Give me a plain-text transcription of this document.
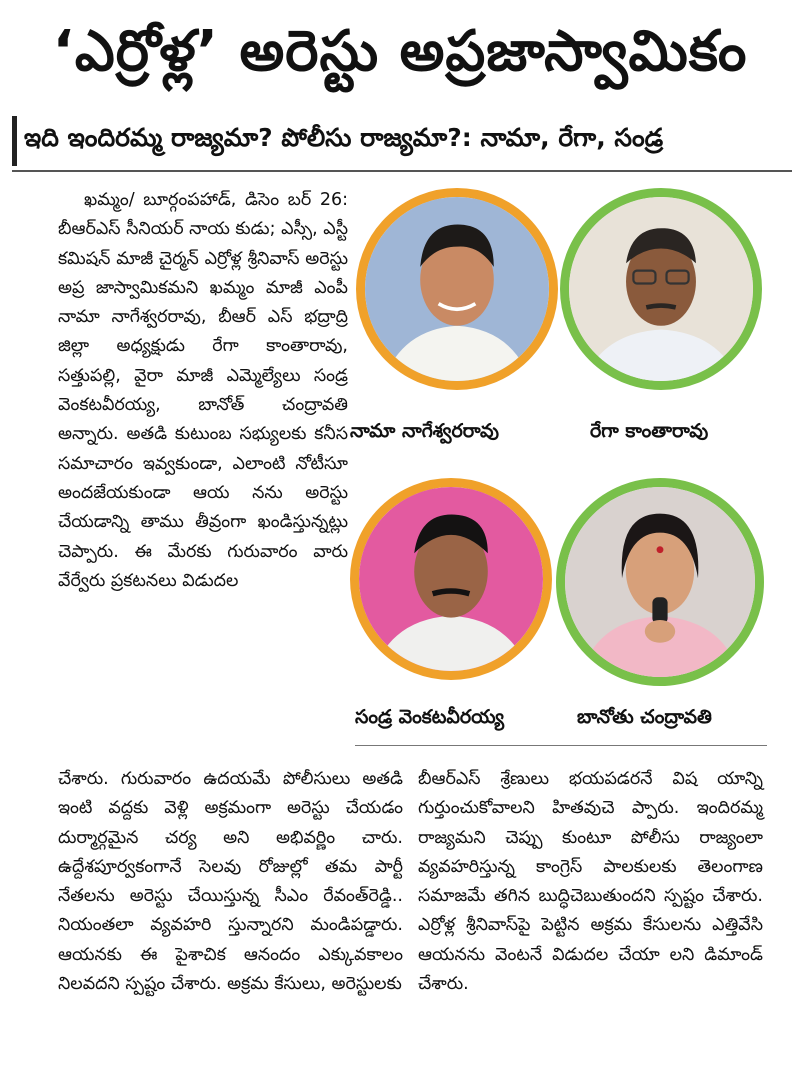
‘ఎర్రోళ్ల’ అరెస్టు అప్రజాస్వామికం
ఇది ఇందిరమ్మ రాజ్యమా? పోలీసు రాజ్యమా?: నామా, రేగా, సండ్ర

ఖమ్మం/ బూర్గంపహాడ్, డిసెం బర్ 26: బీఆర్ఎస్ సీనియర్ నాయ కుడు; ఎస్సీ, ఎస్టీ కమిషన్ మాజీ చైర్మన్ ఎర్రోళ్ల శ్రీనివాస్ అరెస్టు అప్ర జాస్వామికమని ఖమ్మం మాజీ ఎంపీ నామా నాగేశ్వరరావు, బీఆర్ ఎస్ భద్రాద్రి జిల్లా అధ్యక్షుడు రేగా కాంతారావు, సత్తుపల్లి, వైరా మాజీ ఎమ్మెల్యేలు సండ్ర వెంకటవీరయ్య, బానోత్ చంద్రావతి అన్నారు. అతడి కుటుంబ సభ్యులకు కనీస సమాచారం ఇవ్వకుండా, ఎలాంటి నోటీసూ అందజేయకుండా ఆయ నను అరెస్టు చేయడాన్ని తాము తీవ్రంగా ఖండిస్తున్నట్లు చెప్పారు. ఈ మేరకు గురువారం వారు వేర్వేరు ప్రకటనలు విడుదల

నామా నాగేశ్వరరావు	రేగా కాంతారావు
సండ్ర వెంకటవీరయ్య	బానోతు చంద్రావతి

చేశారు. గురువారం ఉదయమే పోలీసులు అతడి ఇంటి వద్దకు వెళ్లి అక్రమంగా అరెస్టు చేయడం దుర్మార్గమైన చర్య అని అభివర్ణిం చారు. ఉద్దేశపూర్వకంగానే సెలవు రోజుల్లో తమ పార్టీ నేతలను అరెస్టు చేయిస్తున్న సీఎం రేవంత్‌రెడ్డి.. నియంతలా వ్యవహరి స్తున్నారని మండిపడ్డారు. ఆయనకు ఈ పైశాచిక ఆనందం ఎక్కువకాలం నిలవదని స్పష్టం చేశారు. అక్రమ కేసులు, అరెస్టులకు

బీఆర్ఎస్ శ్రేణులు భయపడరనే విష యాన్ని గుర్తుంచుకోవాలని హితవుచె ప్పారు. ఇందిరమ్మ రాజ్యమని చెప్పు కుంటూ పోలీసు రాజ్యంలా వ్యవహరిస్తున్న కాంగ్రెస్ పాలకులకు తెలంగాణ సమాజమే తగిన బుద్ధిచెబుతుందని స్పష్టం చేశారు. ఎర్రోళ్ల శ్రీనివాస్‌పై పెట్టిన అక్రమ కేసులను ఎత్తివేసి ఆయనను వెంటనే విడుదల చేయా లని డిమాండ్ చేశారు.
